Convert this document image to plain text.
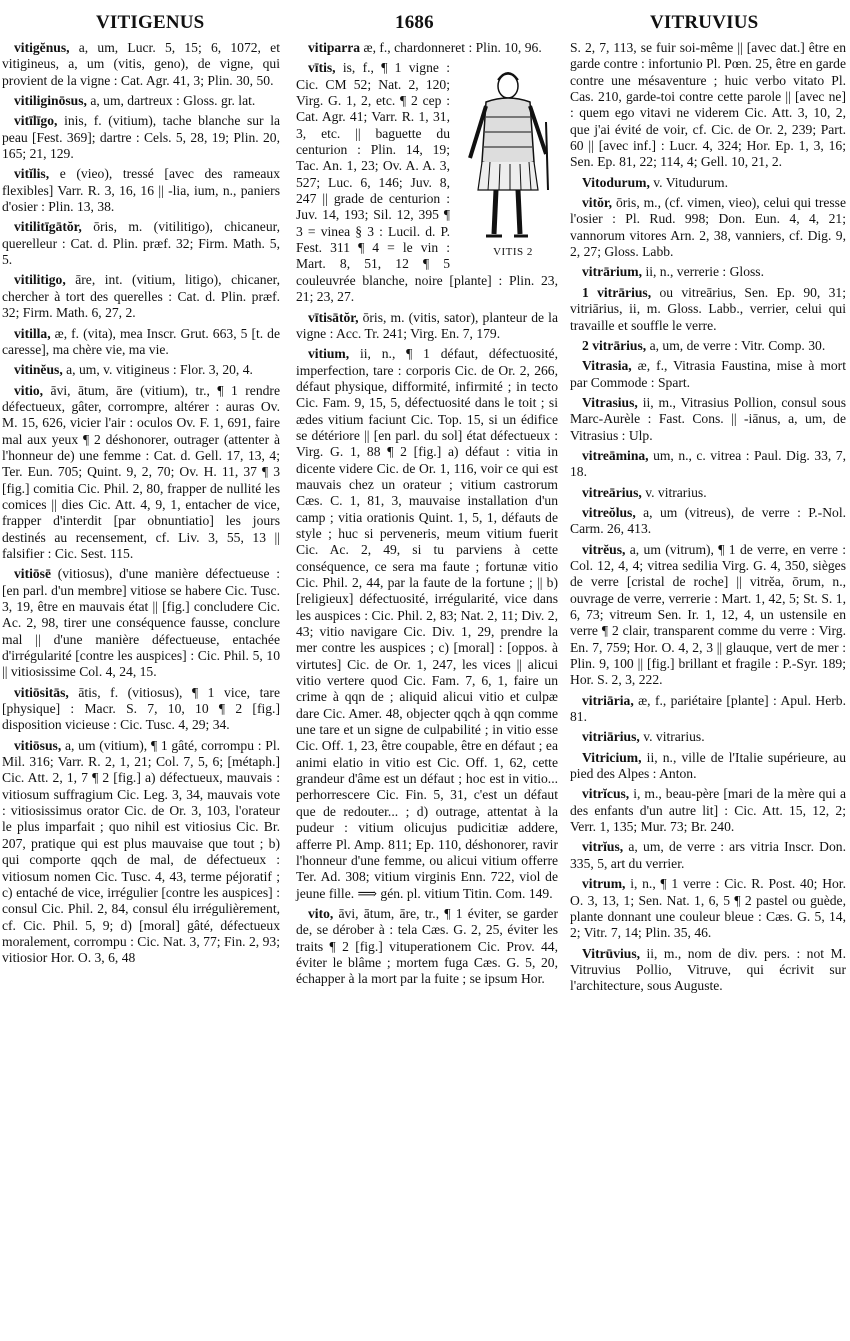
VITIGENUS	1686	VITRUVIUS

vitigĕnus, a, um, Lucr. 5, 15; 6, 1072, et vitigineus, a, um (vitis, geno), de vigne, qui provient de la vigne : Cat. Agr. 41, 3; Plin. 30, 50.

vitiliginōsus, a, um, dartreux : Gloss. gr. lat.

vitīlīgo, inis, f. (vitium), tache blanche sur la peau [Fest. 369]; dartre : Cels. 5, 28, 19; Plin. 20, 165; 21, 129.

vitĭlis, e (vieo), tressé [avec des rameaux flexibles] Varr. R. 3, 16, 16 || -lia, ium, n., paniers d'osier : Plin. 13, 38.

vitilitīgātŏr, ōris, m. (vitilitigo), chicaneur, querelleur : Cat. d. Plin. præf. 32; Firm. Math. 5, 5.

vitilitigo, āre, int. (vitium, litigo), chicaner, chercher à tort des querelles : Cat. d. Plin. præf. 32; Firm. Math. 6, 27, 2.

vitilla, æ, f. (vita), mea Inscr. Grut. 663, 5 [t. de caresse], ma chère vie, ma vie.

vitinĕus, a, um, v. vitigineus : Flor. 3, 20, 4.

vitio, āvi, ātum, āre (vitium), tr., ¶ 1 rendre défectueux, gâter, corrompre, altérer : auras Ov. M. 15, 626, vicier l'air : oculos Ov. F. 1, 691, faire mal aux yeux ¶ 2 déshonorer, outrager (attenter à l'honneur de) une femme : Cat. d. Gell. 17, 13, 4; Ter. Eun. 705; Quint. 9, 2, 70; Ov. H. 11, 37 ¶ 3 [fig.] comitia Cic. Phil. 2, 80, frapper de nullité les comices || dies Cic. Att. 4, 9, 1, entacher de vice, frapper d'interdit [par obnuntiatio] les jours destinés au recensement, cf. Liv. 3, 55, 13 || falsifier : Cic. Sest. 115.

vitiōsē (vitiosus), d'une manière défectueuse : [en parl. d'un membre] vitiose se habere Cic. Tusc. 3, 19, être en mauvais état || [fig.] concludere Cic. Ac. 2, 98, tirer une conséquence fausse, conclure mal || d'une manière défectueuse, entachée d'irrégularité [contre les auspices] : Cic. Phil. 5, 10 || vitiosissime Col. 4, 24, 15.

vitiōsitās, ātis, f. (vitiosus), ¶ 1 vice, tare [physique] : Macr. S. 7, 10, 10 ¶ 2 [fig.] disposition vicieuse : Cic. Tusc. 4, 29; 34.

vitiōsus, a, um (vitium), ¶ 1 gâté, corrompu : Pl. Mil. 316; Varr. R. 2, 1, 21; Col. 7, 5, 6; [métaph.] Cic. Att. 2, 1, 7 ¶ 2 [fig.] a) défectueux, mauvais : vitiosum suffragium Cic. Leg. 3, 34, mauvais vote : vitiosissimus orator Cic. de Or. 3, 103, l'orateur le plus imparfait ; quo nihil est vitiosius Cic. Br. 207, pratique qui est plus mauvaise que tout ; b) qui comporte qqch de mal, de défectueux : vitiosum nomen Cic. Tusc. 4, 43, terme péjoratif ; c) entaché de vice, irrégulier [contre les auspices] : consul Cic. Phil. 2, 84, consul élu irrégulièrement, cf. Cic. Phil. 5, 9; d) [moral] gâté, défectueux moralement, corrompu : Cic. Nat. 3, 77; Fin. 2, 93; vitiosior Hor. O. 3, 6, 48

vitiparra æ, f., chardonneret : Plin. 10, 96.

VITIS 2
vītis, is, f., ¶ 1 vigne : Cic. CM 52; Nat. 2, 120; Virg. G. 1, 2, etc. ¶ 2 cep : Cat. Agr. 41; Varr. R. 1, 31, 3, etc. || baguette du centurion : Plin. 14, 19; Tac. An. 1, 23; Ov. A. A. 3, 527; Luc. 6, 146; Juv. 8, 247 || grade de centurion : Juv. 14, 193; Sil. 12, 395 ¶ 3 = vinea § 3 : Lucil. d. P. Fest. 311 ¶ 4 = le vin : Mart. 8, 51, 12 ¶ 5 couleuvrée blanche, noire [plante] : Plin. 23, 21; 23, 27.

vītisātŏr, ōris, m. (vitis, sator), planteur de la vigne : Acc. Tr. 241; Virg. En. 7, 179.

vitium, ii, n., ¶ 1 défaut, défectuosité, imperfection, tare : corporis Cic. de Or. 2, 266, défaut physique, difformité, infirmité ; in tecto Cic. Fam. 9, 15, 5, défectuosité dans le toit ; si ædes vitium faciunt Cic. Top. 15, si un édifice se détériore || [en parl. du sol] état défectueux : Virg. G. 1, 88 ¶ 2 [fig.] a) défaut : vitia in dicente videre Cic. de Or. 1, 116, voir ce qui est mauvais chez un orateur ; vitium castrorum Cæs. C. 1, 81, 3, mauvaise installation d'un camp ; vitia orationis Quint. 1, 5, 1, défauts de style ; huc si perveneris, meum vitium fuerit Cic. Ac. 2, 49, si tu parviens à cette conséquence, ce sera ma faute ; fortunæ vitio Cic. Phil. 2, 44, par la faute de la fortune ; || b) [religieux] défectuosité, irrégularité, vice dans les auspices : Cic. Phil. 2, 83; Nat. 2, 11; Div. 2, 43; vitio navigare Cic. Div. 1, 29, prendre la mer contre les auspices ; c) [moral] : [oppos. à virtutes] Cic. de Or. 1, 247, les vices || alicui vitio vertere quod Cic. Fam. 7, 6, 1, faire un crime à qqn de ; aliquid alicui vitio et culpæ dare Cic. Amer. 48, objecter qqch à qqn comme une tare et un signe de culpabilité ; in vitio esse Cic. Off. 1, 23, être coupable, être en défaut ; ea animi elatio in vitio est Cic. Off. 1, 62, cette grandeur d'âme est un défaut ; hoc est in vitio... perhorrescere Cic. Fin. 5, 31, c'est un défaut que de redouter... ; d) outrage, attentat à la pudeur : vitium olicujus pudicitiæ addere, afferre Pl. Amp. 811; Ep. 110, déshonorer, ravir l'honneur d'une femme, ou alicui vitium offerre Ter. Ad. 308; vitium virginis Enn. 722, viol de jeune fille. ⟹ gén. pl. vitium Titin. Com. 149.

vito, āvi, ātum, āre, tr., ¶ 1 éviter, se garder de, se dérober à : tela Cæs. G. 2, 25, éviter les traits ¶ 2 [fig.] vituperationem Cic. Prov. 44, éviter le blâme ; mortem fuga Cæs. G. 5, 20, échapper à la mort par la fuite ; se ipsum Hor.

S. 2, 7, 113, se fuir soi-même || [avec dat.] être en garde contre : infortunio Pl. Pœn. 25, être en garde contre une mésaventure ; huic verbo vitato Pl. Cas. 210, garde-toi contre cette parole || [avec ne] : quem ego vitavi ne viderem Cic. Att. 3, 10, 2, que j'ai évité de voir, cf. Cic. de Or. 2, 239; Part. 60 || [avec inf.] : Lucr. 4, 324; Hor. Ep. 1, 3, 16; Sen. Ep. 81, 22; 114, 4; Gell. 10, 21, 2.

Vitodurum, v. Vitudurum.

vitŏr, ōris, m., (cf. vimen, vieo), celui qui tresse l'osier : Pl. Rud. 998; Don. Eun. 4, 4, 21; vannorum vitores Arn. 2, 38, vanniers, cf. Dig. 9, 2, 27; Gloss. Labb.

vitrārium, ii, n., verrerie : Gloss.

1 vitrārius, ou vitreārius, Sen. Ep. 90, 31; vitriārius, ii, m. Gloss. Labb., verrier, celui qui travaille et souffle le verre.

2 vitrārius, a, um, de verre : Vitr. Comp. 30.

Vitrasia, æ, f., Vitrasia Faustina, mise à mort par Commode : Spart.

Vitrasius, ii, m., Vitrasius Pollion, consul sous Marc-Aurèle : Fast. Cons. || -iānus, a, um, de Vitrasius : Ulp.

vitreāmina, um, n., c. vitrea : Paul. Dig. 33, 7, 18.

vitreārius, v. vitrarius.

vitreŏlus, a, um (vitreus), de verre : P.-Nol. Carm. 26, 413.

vitrĕus, a, um (vitrum), ¶ 1 de verre, en verre : Col. 12, 4, 4; vitrea sedilia Virg. G. 4, 350, sièges de verre [cristal de roche] || vitrĕa, ōrum, n., ouvrage de verre, verrerie : Mart. 1, 42, 5; St. S. 1, 6, 73; vitreum Sen. Ir. 1, 12, 4, un ustensile en verre ¶ 2 clair, transparent comme du verre : Virg. En. 7, 759; Hor. O. 4, 2, 3 || glauque, vert de mer : Plin. 9, 100 || [fig.] brillant et fragile : P.-Syr. 189; Hor. S. 2, 3, 222.

vitriāria, æ, f., pariétaire [plante] : Apul. Herb. 81.

vitriārius, v. vitrarius.

Vitricium, ii, n., ville de l'Italie supérieure, au pied des Alpes : Anton.

vitrĭcus, i, m., beau-père [mari de la mère qui a des enfants d'un autre lit] : Cic. Att. 15, 12, 2; Verr. 1, 135; Mur. 73; Br. 240.

vitrĭus, a, um, de verre : ars vitria Inscr. Don. 335, 5, art du verrier.

vitrum, i, n., ¶ 1 verre : Cic. R. Post. 40; Hor. O. 3, 13, 1; Sen. Nat. 1, 6, 5 ¶ 2 pastel ou guède, plante donnant une couleur bleue : Cæs. G. 5, 14, 2; Vitr. 7, 14; Plin. 35, 46.

Vitrūvius, ii, m., nom de div. pers. : not M. Vitruvius Pollio, Vitruve, qui écrivit sur l'architecture, sous Auguste.
